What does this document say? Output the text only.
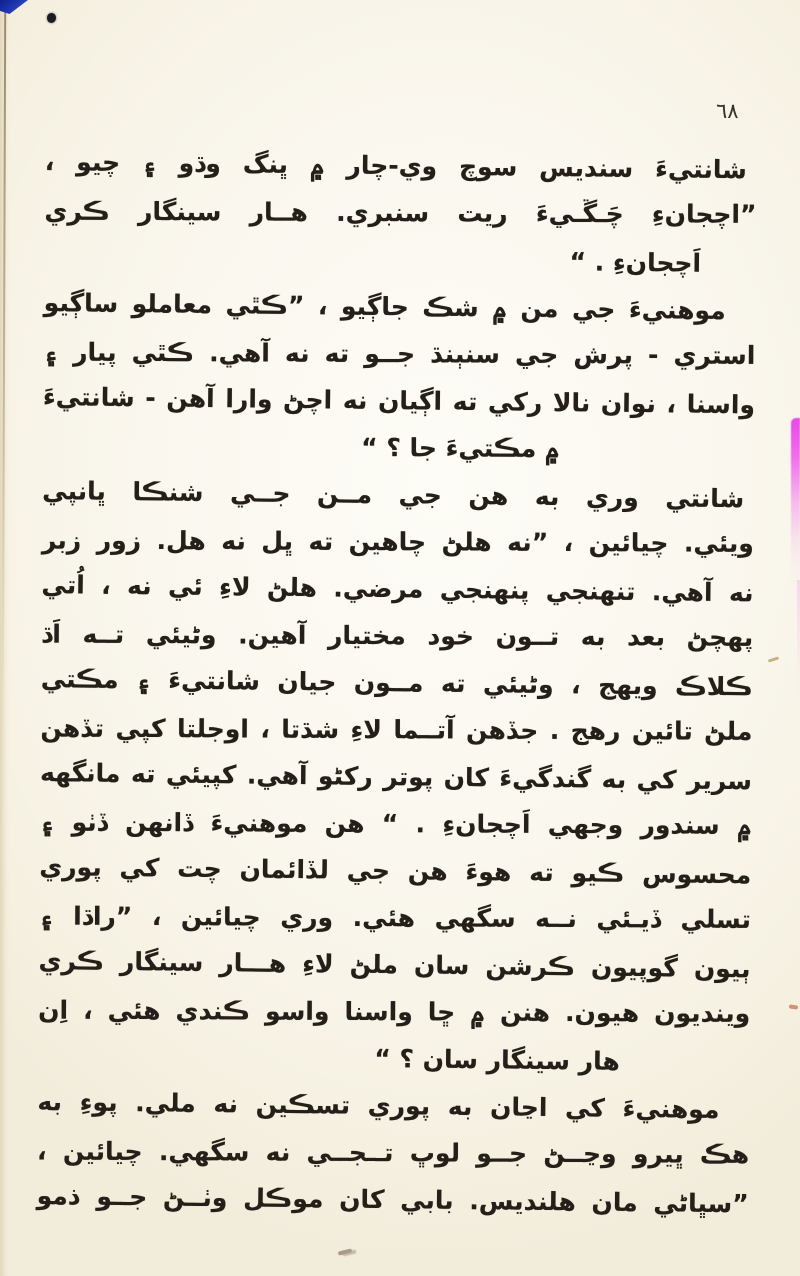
٦٨
شانتيءَ سنديس سوچ وي-چار ۾ ڀنگ وڌو ۽ چيو ،
”اچجانءِ چَـڱـيءَ ريت سنبري. هــار سينگار ڪري
اَچجانءِ . “
موهنيءَ جي من ۾ شڪ جاڳيو ، ”ڪٿي معاملو ساڳيو
استري - پرش جي سنٻنڌ جــو ته نه آهي. ڪٿي پيار ۽
واسنا ، نوان نالا رکي ته اڳيان نه اچڻ وارا آهن - شانتيءَ
۾ مڪتيءَ جا ؟ “
شانتي وري به هن جي مــن جــي شنڪا ڀانپي
ويئي. چيائين ، ”نه هلڻ چاهين ته ڀل نه هل. زور زبر
نه آهي. تنهنجي پنهنجي مرضي. هلڻ لاءِ ئي نه ، اُتي
پهچڻ بعد به تــون خود مختيار آهين. وڻيئي تــه اَڌ
ڪلاڪ ويهج ، وڻيئي ته مــون جيان شانتيءَ ۽ مڪتي
ملڻ تائين رهج . جڏهن آتــما لاءِ شڌتا ، اوجلتا کپي تڏهن
سرير کي به گندگيءَ کان پوتر رکڻو آهي. کپيئي ته مانگهه
۾ سندور وجهي اَچجانءِ . “ هن موهنيءَ ڏانهن ڏٺو ۽
محسوس ڪيو ته هوءَ هن جي لڏائمان چت کي پوري
تسلي ڏيـئي نــه سگهي هئي. وري چيائين ، ”راڌا ۽
ٻيون گوپيون ڪرشن سان ملڻ لاءِ هـــار سينگار ڪري
وينديون هيون. هنن ۾ ڇا واسنا واسو ڪندي هئي ، اِن
هار سينگار سان ؟ “
موهنيءَ کي اڃان به پوري تسڪين نه ملي. پوءِ به
هڪ ڀيرو وڃــڻ جــو لوڀ تــجــي نه سگهي. چيائين ،
”سڀاڻي مان هلنديس. بابي کان موڪل وٺــڻ جــو ذمو
